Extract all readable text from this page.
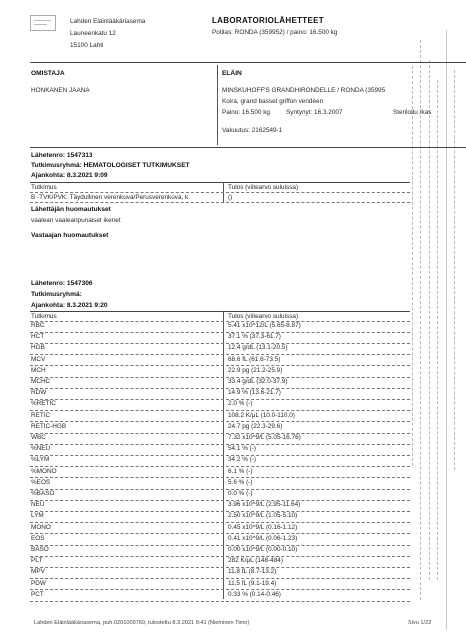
Lahden Eläinlääkäriasema
Launeenkatu 12
15100 Lahti
LABORATORIOLÄHETTEET
Potilas: RONDA (359952) / paino: 16.500 kg
OMISTAJA
HONKANEN JAANA
ELÄIN
MINSKUHOFF'S GRANDHIRONDELLE / RONDA (35995
Koira, grand basset griffon vendéen
Paino: 16.500 kg	Syntynyt: 16.3.2007	Steriloitu /kas
Vakuutus: 2162549-1
Lähetenro: 1547313
Tutkimusryhmä: HEMATOLOGISET TUTKIMUKSET
Ajankohta: 8.3.2021 9:09
Tutkimus	Tulos (viitearvo suluissa)
B -TVK/PVK: Täydullinen verenkuva/Perusverenkuva, k	()
Lähettäjän huomautukset
vaalean vaaleanpunaiset ikenet
Vastaajan huomautukset
Lähetenro: 1547306
Tutkimusryhmä:
Ajankohta: 8.3.2021 9:20
Tutkimus	Tulos (viitearvo suluissa)
RBC	5.41 x10^12/L (5.65-8.87)
HCT	37.1 % (37.3-61.7)
HGB	12.4 g/dL (13.1-20.5)
MCV	68.6 fL (61.6-73.5)
MCH	22.9 pg (21.2-25.9)
MCHC	33.4 g/dL (32.0-37.9)
RDW	14.9 % (13.6-21.7)
%RETIC	2.0 % (-)
RETIC	108.2 K/μL (10.0-110.0)
RETIC-HGB	24.7 pg (22.3-29.6)
WBC	7.32 x10^9/L (5.05-16.76)
%NEU	54.1 % (-)
%LYM	34.2 % (-)
%MONO	6.1 % (-)
%EOS	5.6 % (-)
%BASO	0.0 % (-)
NEU	3.96 x10^9/L (2.95-11.64)
LYM	2.50 x10^9/L (1.05-5.10)
MONO	0.45 x10^9/L (0.16-1.12)
EOS	0.41 x10^9/L (0.06-1.23)
BASO	0.00 x10^9/L (0.00-0.10)
PLT	282 K/μL (148-484)
MPV	11.8 fL (8.7-13.2)
PDW	11.5 fL (9.1-19.4)
PCT	0.33 % (0.14-0.46)
Lahden Eläinlääkäriasema, puh.0201009760, tulostettu 8.3.2021 9:41 (Nieminen Timo)	Sivu 1/22
